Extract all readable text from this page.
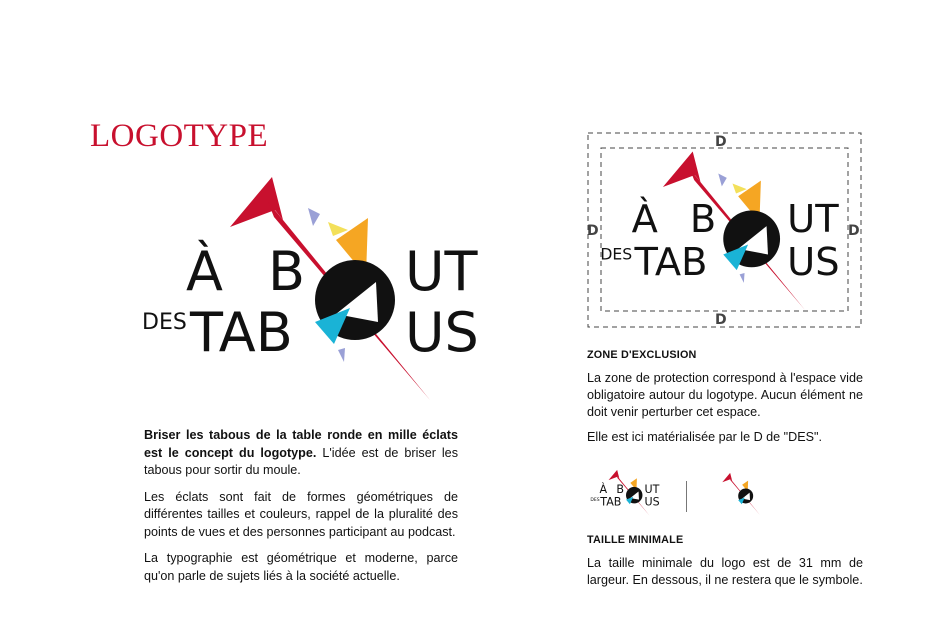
LOGOTYPE
À B UT
DES TAB US

Briser les tabous de la table ronde en mille éclats est le concept du logotype. L'idée est de briser les tabous pour sortir du moule.

Les éclats sont fait de formes géométriques de différentes tailles et couleurs, rappel de la pluralité des points de vues et des personnes participant au podcast.

La typographie est géométrique et moderne, parce qu'on parle de sujets liés à la société actuelle.

D
D
D	D
À B UT
DES TAB US
ZONE D'EXCLUSION

La zone de protection correspond à l'espace vide obligatoire autour du logotype. Aucun élément ne doit venir perturber cet espace.

Elle est ici matérialisée par le D de "DES".

À B UT
DES TAB US
TAILLE MINIMALE

La taille minimale du logo est de 31 mm de largeur. En dessous, il ne restera que le symbole.
